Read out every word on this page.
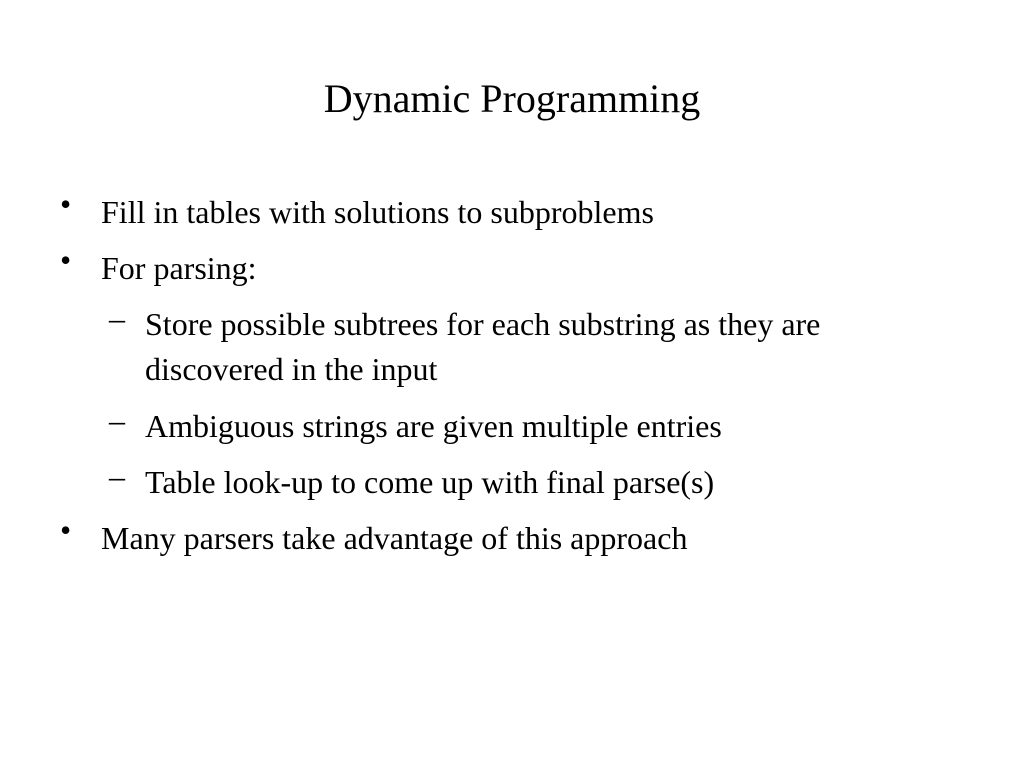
Dynamic Programming
• Fill in tables with solutions to subproblems
• For parsing:
– Store possible subtrees for each substring as they are discovered in the input
– Ambiguous strings are given multiple entries
– Table look-up to come up with final parse(s)
• Many parsers take advantage of this approach
